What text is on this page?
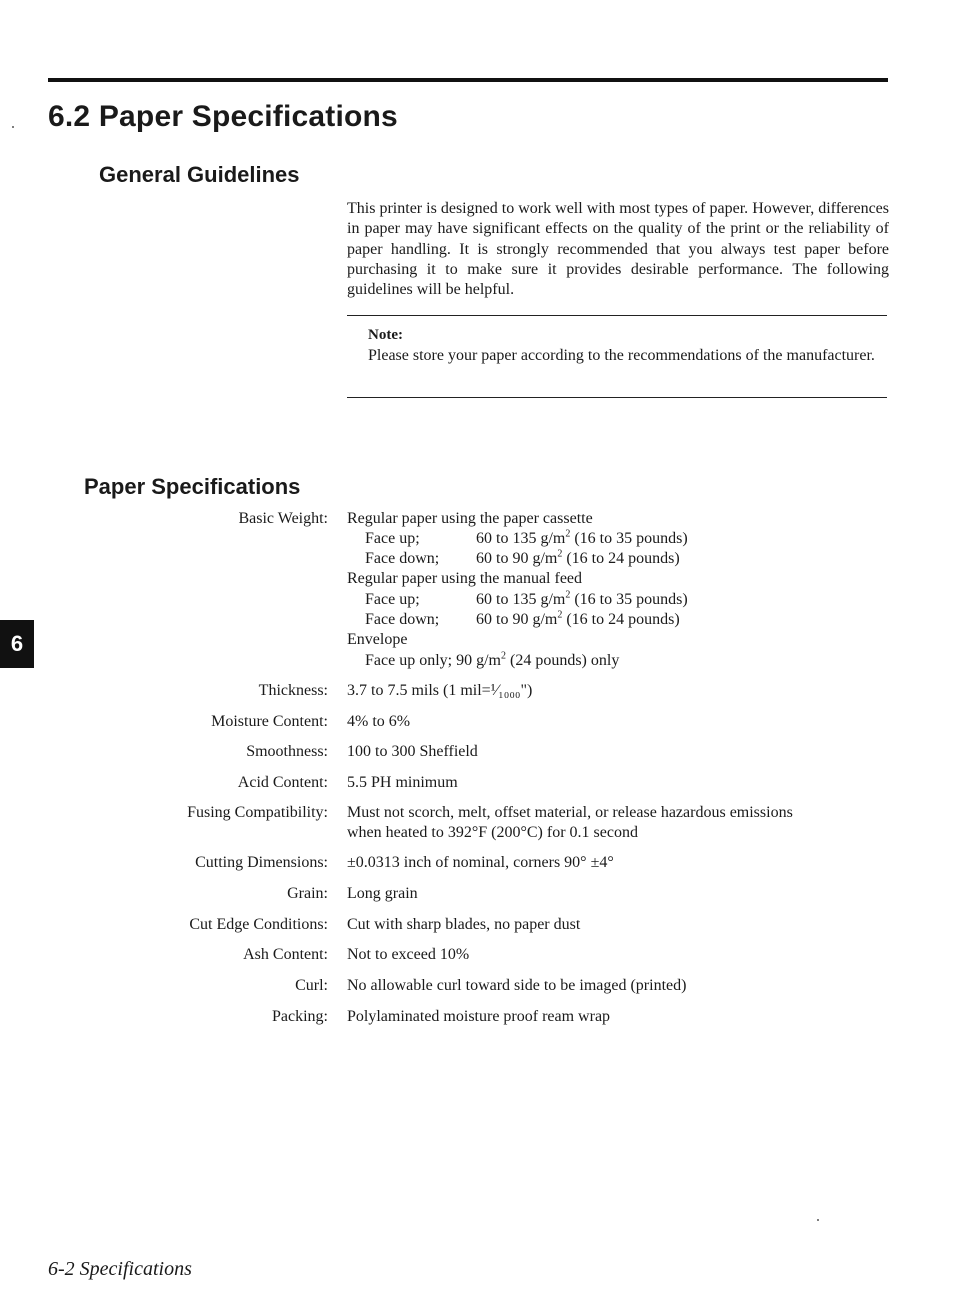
6.2 Paper Specifications
General Guidelines

This printer is designed to work well with most types of paper. However, differences in paper may have significant effects on the quality of the print or the reliability of paper handling. It is strongly recommended that you always test paper before purchasing it to make sure it provides desirable performance. The following guidelines will be helpful.

Note:

Please store your paper according to the recommendations of the manufacturer.

Paper Specifications
Basic Weight: Regular paper using the paper cassette
Face up;	60 to 135 $g/m^2$ (16 to 35 pounds)
Face down; 60 to 90 $g/m^2$ (16 to 24 pounds)
Regular paper using the manual feed
Face up;	60 to 135 $g/m^2$ (16 to 35 pounds)
Face down; 60 to 90 $g/m^2$ (16 to 24 pounds)
Envelope
Face up only; 90 $g/m^2$ (24 pounds) only
Thickness: 3.7 to 7.5 mils (1 mil=¹⁄₁₀₀₀")
Moisture Content: 4% to 6%
Smoothness: 100 to 300 Sheffield
Acid Content: 5.5 PH minimum
Fusing Compatibility: Must not scorch, melt, offset material, or release hazardous emissions
when heated to 392°F (200°C) for 0.1 second
Cutting Dimensions: ±0.0313 inch of nominal, corners 90° ±4°
Grain: Long grain
Cut Edge Conditions: Cut with sharp blades, no paper dust
Ash Content: Not to exceed 10%
Curl: No allowable curl toward side to be imaged (printed)
Packing: Polylaminated moisture proof ream wrap
6
6-2 Specifications
